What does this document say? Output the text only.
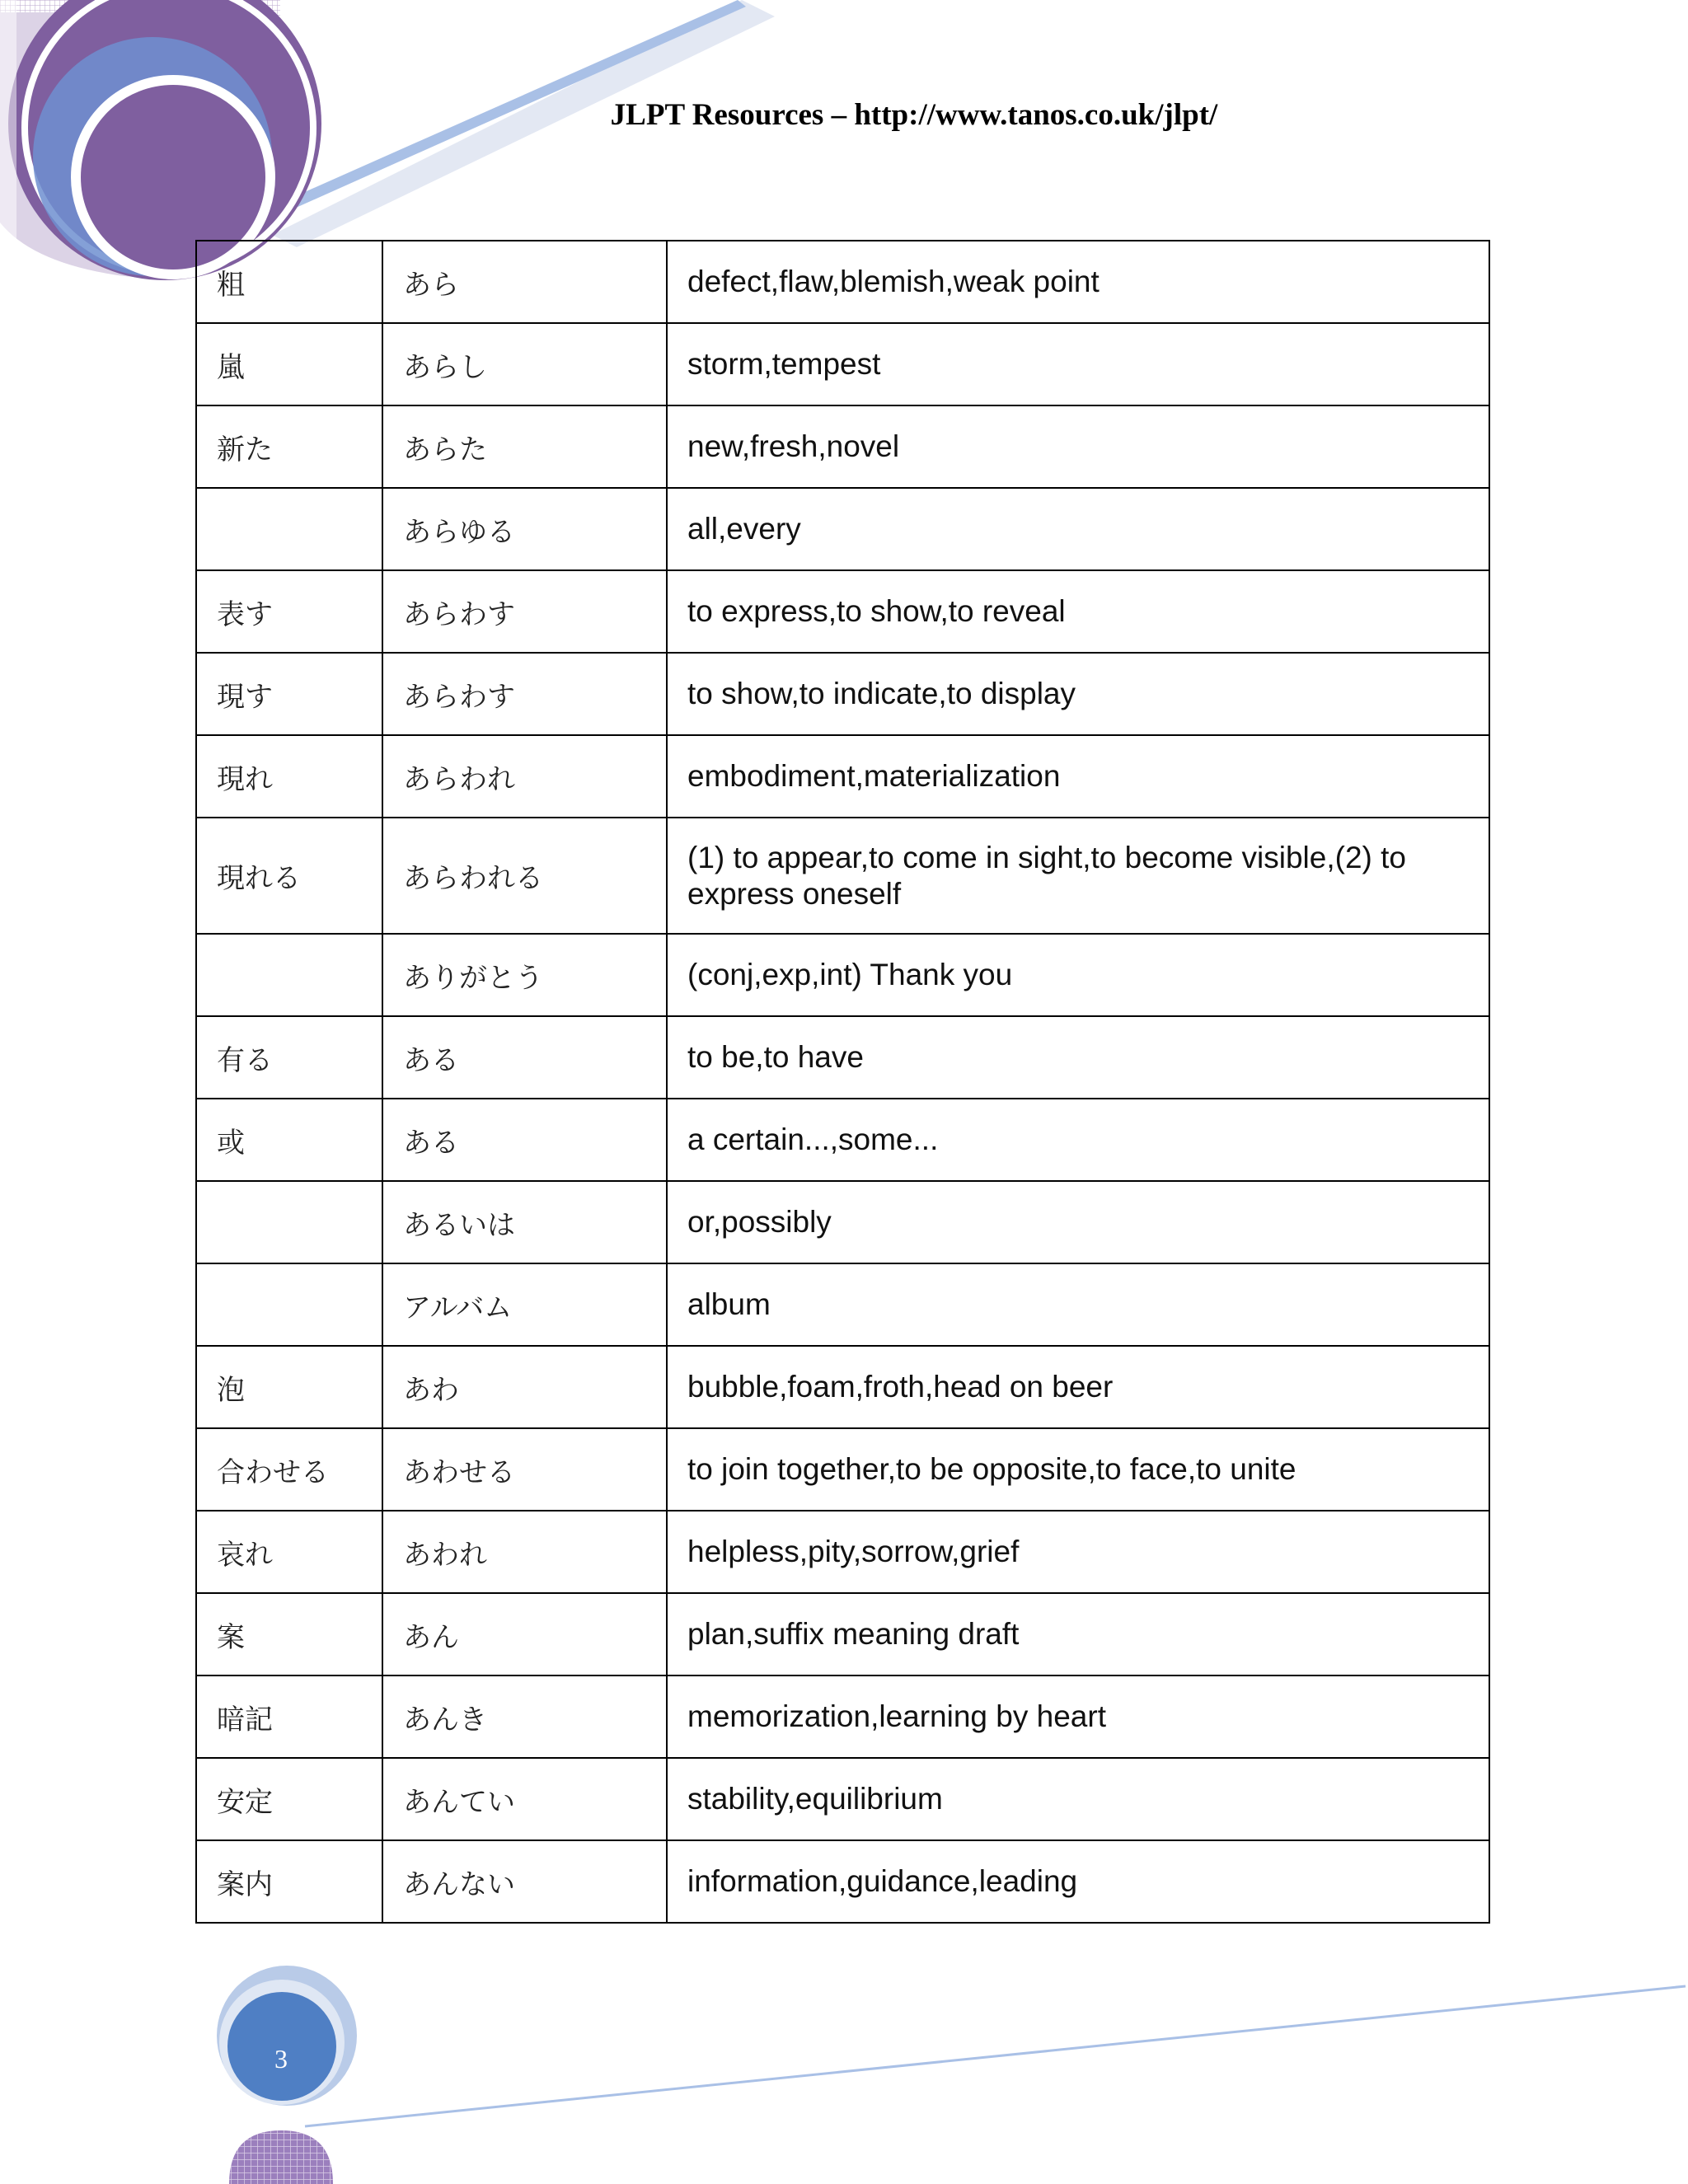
JLPT Resources – http://www.tanos.co.uk/jlpt/
粗	あら	defect,flaw,blemish,weak point
嵐	あらし	storm,tempest
新た	あらた	new,fresh,novel
	あらゆる	all,every
表す	あらわす	to express,to show,to reveal
現す	あらわす	to show,to indicate,to display
現れ	あらわれ	embodiment,materialization
現れる	あらわれる	(1) to appear,to come in sight,to become visible,(2) to express oneself
	ありがとう	(conj,exp,int) Thank you
有る	ある	to be,to have
或	ある	a certain...,some...
	あるいは	or,possibly
	アルバム	album
泡	あわ	bubble,foam,froth,head on beer
合わせる	あわせる	to join together,to be opposite,to face,to unite
哀れ	あわれ	helpless,pity,sorrow,grief
案	あん	plan,suffix meaning draft
暗記	あんき	memorization,learning by heart
安定	あんてい	stability,equilibrium
案内	あんない	information,guidance,leading
3
